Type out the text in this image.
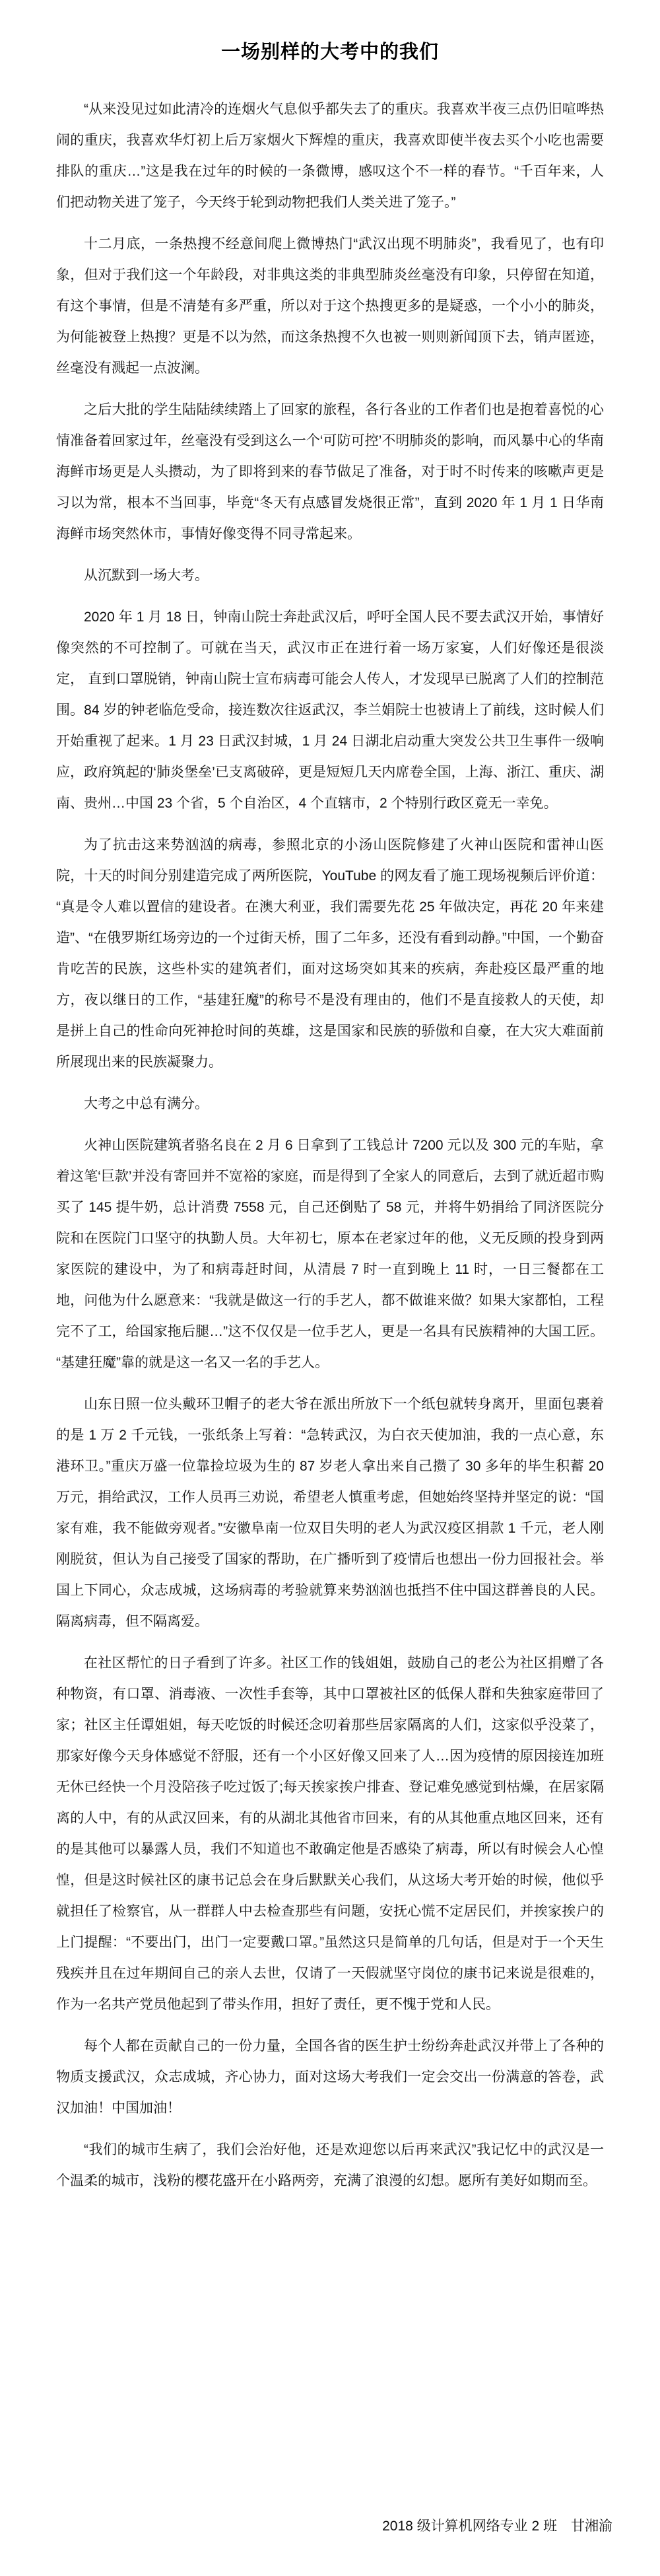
一场别样的大考中的我们

“从来没见过如此清冷的连烟火气息似乎都失去了的重庆。我喜欢半夜三点仍旧喧哗热闹的重庆，我喜欢华灯初上后万家烟火下辉煌的重庆，我喜欢即使半夜去买个小吃也需要排队的重庆…”这是我在过年的时候的一条微博，感叹这个不一样的春节。“千百年来，人们把动物关进了笼子，今天终于轮到动物把我们人类关进了笼子。”

十二月底，一条热搜不经意间爬上微博热门“武汉出现不明肺炎”，我看见了，也有印象，但对于我们这一个年龄段，对非典这类的非典型肺炎丝毫没有印象，只停留在知道，有这个事情，但是不清楚有多严重，所以对于这个热搜更多的是疑惑，一个小小的肺炎，为何能被登上热搜？更是不以为然，而这条热搜不久也被一则则新闻顶下去，销声匿迹，丝毫没有溅起一点波澜。

之后大批的学生陆陆续续踏上了回家的旅程，各行各业的工作者们也是抱着喜悦的心情准备着回家过年，丝毫没有受到这么一个‘可防可控’不明肺炎的影响，而风暴中心的华南海鲜市场更是人头攒动，为了即将到来的春节做足了准备，对于时不时传来的咳嗽声更是习以为常，根本不当回事，毕竟“冬天有点感冒发烧很正常”，直到 2020 年 1 月 1 日华南海鲜市场突然休市，事情好像变得不同寻常起来。

从沉默到一场大考。

2020 年 1 月 18 日，钟南山院士奔赴武汉后，呼吁全国人民不要去武汉开始，事情好像突然的不可控制了。可就在当天，武汉市正在进行着一场万家宴，人们好像还是很淡定， 直到口罩脱销，钟南山院士宣布病毒可能会人传人，才发现早已脱离了人们的控制范围。84 岁的钟老临危受命，接连数次往返武汉，李兰娟院士也被请上了前线，这时候人们开始重视了起来。1 月 23 日武汉封城，1 月 24 日湖北启动重大突发公共卫生事件一级响应，政府筑起的‘肺炎堡垒’已支离破碎，更是短短几天内席卷全国，上海、浙江、重庆、湖南、贵州…中国 23 个省，5 个自治区，4 个直辖市，2 个特别行政区竟无一幸免。

为了抗击这来势汹汹的病毒，参照北京的小汤山医院修建了火神山医院和雷神山医院，十天的时间分别建造完成了两所医院，YouTube 的网友看了施工现场视频后评价道：“真是令人难以置信的建设者。在澳大利亚，我们需要先花 25 年做决定，再花 20 年来建造”、“在俄罗斯红场旁边的一个过街天桥，围了二年多，还没有看到动静。”中国，一个勤奋肯吃苦的民族，这些朴实的建筑者们，面对这场突如其来的疾病，奔赴疫区最严重的地方，夜以继日的工作，“基建狂魔”的称号不是没有理由的，他们不是直接救人的天使，却是拼上自己的性命向死神抢时间的英雄，这是国家和民族的骄傲和自豪，在大灾大难面前所展现出来的民族凝聚力。

大考之中总有满分。

火神山医院建筑者骆名良在 2 月 6 日拿到了工钱总计 7200 元以及 300 元的车贴，拿着这笔‘巨款’并没有寄回并不宽裕的家庭，而是得到了全家人的同意后，去到了就近超市购买了 145 提牛奶，总计消费 7558 元，自己还倒贴了 58 元，并将牛奶捐给了同济医院分院和在医院门口坚守的执勤人员。大年初七，原本在老家过年的他，义无反顾的投身到两家医院的建设中，为了和病毒赶时间，从清晨 7 时一直到晚上 11 时，一日三餐都在工地，问他为什么愿意来：“我就是做这一行的手艺人，都不做谁来做？如果大家都怕，工程完不了工，给国家拖后腿…”这不仅仅是一位手艺人，更是一名具有民族精神的大国工匠。“基建狂魔”靠的就是这一名又一名的手艺人。

山东日照一位头戴环卫帽子的老大爷在派出所放下一个纸包就转身离开，里面包裹着的是 1 万 2 千元钱，一张纸条上写着：“急转武汉，为白衣天使加油，我的一点心意，东港环卫。”重庆万盛一位靠捡垃圾为生的 87 岁老人拿出来自己攒了 30 多年的毕生积蓄 20 万元，捐给武汉，工作人员再三劝说，希望老人慎重考虑，但她始终坚持并坚定的说：“国家有难，我不能做旁观者。”安徽阜南一位双目失明的老人为武汉疫区捐款 1 千元，老人刚刚脱贫，但认为自己接受了国家的帮助，在广播听到了疫情后也想出一份力回报社会。举国上下同心，众志成城，这场病毒的考验就算来势汹汹也抵挡不住中国这群善良的人民。隔离病毒，但不隔离爱。

在社区帮忙的日子看到了许多。社区工作的钱姐姐，鼓励自己的老公为社区捐赠了各种物资，有口罩、消毒液、一次性手套等，其中口罩被社区的低保人群和失独家庭带回了家；社区主任谭姐姐，每天吃饭的时候还念叨着那些居家隔离的人们，这家似乎没菜了，那家好像今天身体感觉不舒服，还有一个小区好像又回来了人…因为疫情的原因接连加班无休已经快一个月没陪孩子吃过饭了;每天挨家挨户排查、登记难免感觉到枯燥，在居家隔离的人中，有的从武汉回来，有的从湖北其他省市回来，有的从其他重点地区回来，还有的是其他可以暴露人员，我们不知道也不敢确定他是否感染了病毒，所以有时候会人心惶惶，但是这时候社区的康书记总会在身后默默关心我们，从这场大考开始的时候，他似乎就担任了检察官，从一群群人中去检查那些有问题，安抚心慌不定居民们，并挨家挨户的上门提醒：“不要出门，出门一定要戴口罩。”虽然这只是简单的几句话，但是对于一个天生残疾并且在过年期间自己的亲人去世，仅请了一天假就坚守岗位的康书记来说是很难的，作为一名共产党员他起到了带头作用，担好了责任，更不愧于党和人民。

每个人都在贡献自己的一份力量，全国各省的医生护士纷纷奔赴武汉并带上了各种的物质支援武汉，众志成城，齐心协力，面对这场大考我们一定会交出一份满意的答卷，武汉加油！中国加油！

“我们的城市生病了，我们会治好他，还是欢迎您以后再来武汉”我记忆中的武汉是一个温柔的城市，浅粉的樱花盛开在小路两旁，充满了浪漫的幻想。愿所有美好如期而至。

2018 级计算机网络专业 2 班　甘湘渝
